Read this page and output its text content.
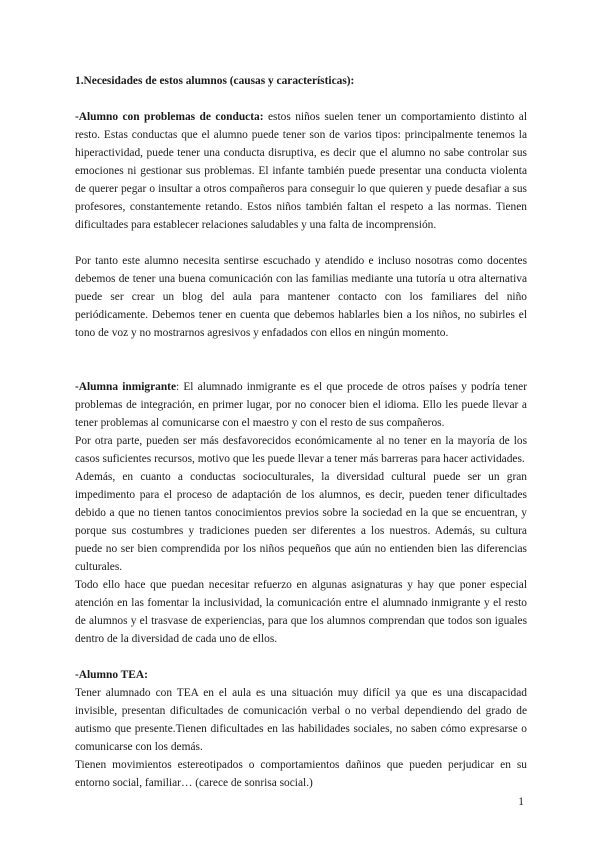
1.Necesidades de estos alumnos (causas y características):

-Alumno con problemas de conducta: estos niños suelen tener un comportamiento distinto al resto. Estas conductas que el alumno puede tener son de varios tipos: principalmente tenemos la hiperactividad, puede tener una conducta disruptiva, es decir que el alumno no sabe controlar sus emociones ni gestionar sus problemas. El infante también puede presentar una conducta violenta de querer pegar o insultar a otros compañeros para conseguir lo que quieren y puede desafiar a sus profesores, constantemente retando. Estos niños también faltan el respeto a las normas. Tienen dificultades para establecer relaciones saludables y una falta de incomprensión.

Por tanto este alumno necesita sentirse escuchado y atendido e incluso nosotras como docentes debemos de tener una buena comunicación con las familias mediante una tutoría u otra alternativa puede ser crear un blog del aula para mantener contacto con los familiares del niño periódicamente. Debemos tener en cuenta que debemos hablarles bien a los niños, no subirles el tono de voz y no mostrarnos agresivos y enfadados con ellos en ningún momento.

-Alumna inmigrante: El alumnado inmigrante es el que procede de otros países y podría tener problemas de integración, en primer lugar, por no conocer bien el idioma. Ello les puede llevar a tener problemas al comunicarse con el maestro y con el resto de sus compañeros.

Por otra parte, pueden ser más desfavorecidos económicamente al no tener en la mayoría de los casos suficientes recursos, motivo que les puede llevar a tener más barreras para hacer actividades.

Además, en cuanto a conductas socioculturales, la diversidad cultural puede ser un gran impedimento para el proceso de adaptación de los alumnos, es decir, pueden tener dificultades debido a que no tienen tantos conocimientos previos sobre la sociedad en la que se encuentran, y porque sus costumbres y tradiciones pueden ser diferentes a los nuestros. Además, su cultura puede no ser bien comprendida por los niños pequeños que aún no entienden bien las diferencias culturales.

Todo ello hace que puedan necesitar refuerzo en algunas asignaturas y hay que poner especial atención en las fomentar la inclusividad, la comunicación entre el alumnado inmigrante y el resto de alumnos y el trasvase de experiencias, para que los alumnos comprendan que todos son iguales dentro de la diversidad de cada uno de ellos.

-Alumno TEA:

Tener alumnado con TEA en el aula es una situación muy difícil ya que es una discapacidad invisible, presentan dificultades de comunicación verbal o no verbal dependiendo del grado de autismo que presente.Tienen dificultades en las habilidades sociales, no saben cómo expresarse o comunicarse con los demás.

Tienen movimientos estereotipados o comportamientos dañinos que pueden perjudicar en su entorno social, familiar… (carece de sonrisa social.)

1
